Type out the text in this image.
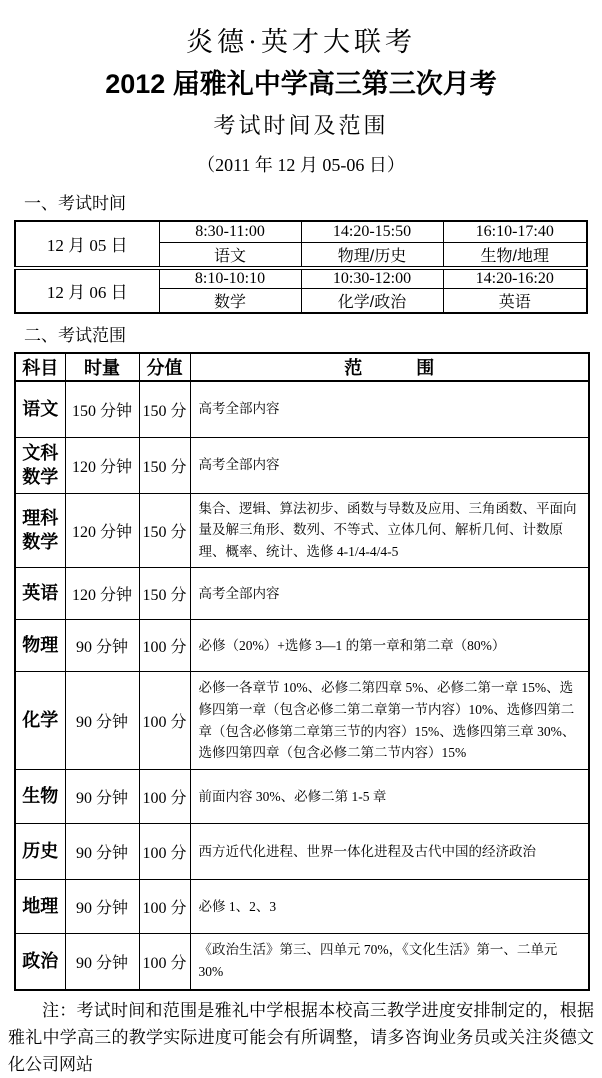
炎德·英才大联考
2012 届雅礼中学高三第三次月考
考试时间及范围
（2011 年 12 月 05-06 日）
一、考试时间
12 月 05 日	8:30-11:00	14:20-15:50	16:10-17:40
	语文	物理/历史	生物/地理
12 月 06 日	8:10-10:10	10:30-12:00	14:20-16:20
	数学	化学/政治	英语
二、考试范围
科目	时量	分值	范　　　围
语文	150 分钟	150 分	高考全部内容
文科数学	120 分钟	150 分	高考全部内容
理科数学	120 分钟	150 分	集合、逻辑、算法初步、函数与导数及应用、三角函数、平面向量及解三角形、数列、不等式、立体几何、解析几何、计数原理、概率、统计、选修 4-1/4-4/4-5
英语	120 分钟	150 分	高考全部内容
物理	90 分钟	100 分	必修（20%）+选修 3—1 的第一章和第二章（80%）
化学	90 分钟	100 分	必修一各章节 10%、必修二第四章 5%、必修二第一章 15%、选修四第一章（包含必修二第二章第一节内容）10%、选修四第二章（包含必修第二章第三节的内容）15%、选修四第三章 30%、选修四第四章（包含必修二第二节内容）15%
生物	90 分钟	100 分	前面内容 30%、必修二第 1-5 章
历史	90 分钟	100 分	西方近代化进程、世界一体化进程及古代中国的经济政治
地理	90 分钟	100 分	必修 1、2、3
政治	90 分钟	100 分	《政治生活》第三、四单元 70%，《文化生活》第一、二单元 30%
注：考试时间和范围是雅礼中学根据本校高三教学进度安排制定的，根据雅礼中学高三的教学实际进度可能会有所调整，请多咨询业务员或关注炎德文化公司网站
